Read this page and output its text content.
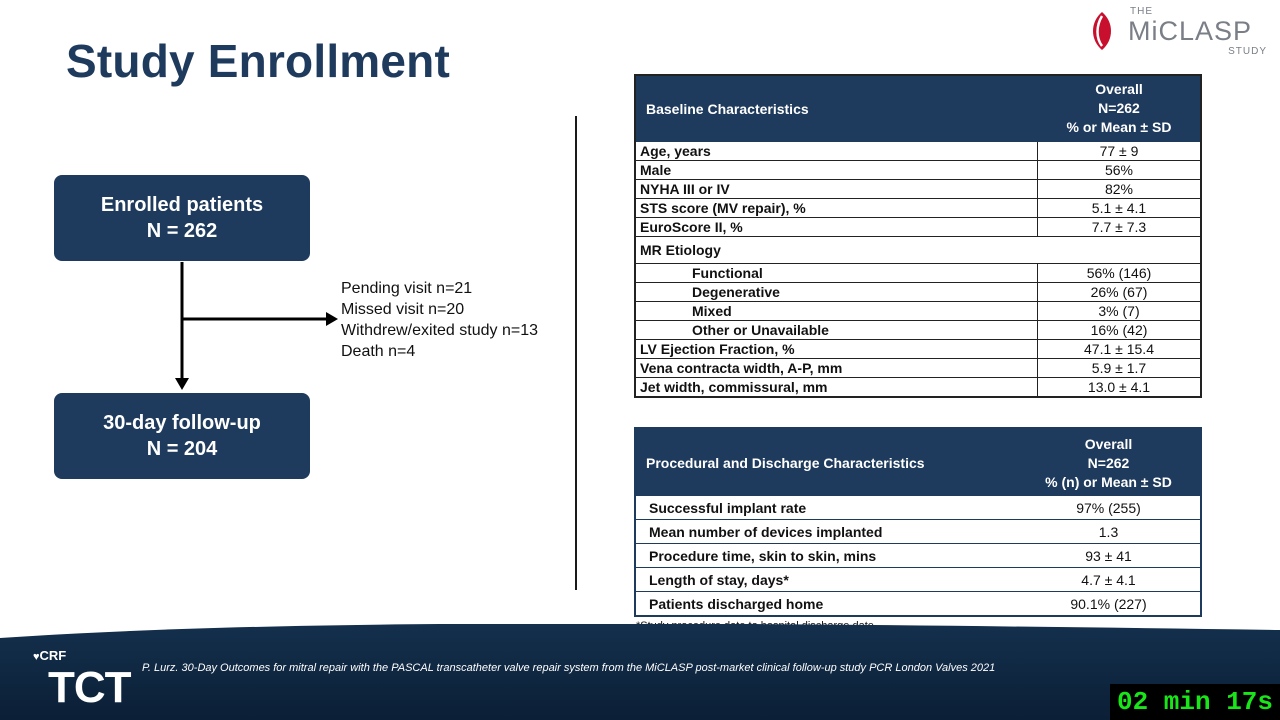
Study Enrollment
THE
MiCLASP
STUDY
Enrolled patients
N = 262
30-day follow-up
N = 204
Pending visit n=21
Missed visit n=20
Withdrew/exited study n=13
Death n=4
Baseline Characteristics	Overall
N=262
% or Mean ± SD

Age, years	77 ± 9
Male	56%
NYHA III or IV	82%
STS score (MV repair), %	5.1 ± 4.1
EuroScore II, %	7.7 ± 7.3
MR Etiology	
Functional	56% (146)
Degenerative	26% (67)
Mixed	3% (7)
Other or Unavailable	16% (42)
LV Ejection Fraction, %	47.1 ± 15.4
Vena contracta width, A-P, mm	5.9 ± 1.7
Jet width, commissural, mm	13.0 ± 4.1
Procedural and Discharge Characteristics	Overall
N=262
% (n) or Mean ± SD

Successful implant rate	97% (255)
Mean number of devices implanted	1.3
Procedure time, skin to skin, mins	93 ± 41
Length of stay, days*	4.7 ± 4.1
Patients discharged home	90.1% (227)
♥CRF
TCT P. Lurz. 30-Day Outcomes for mitral repair with the PASCAL transcatheter valve repair system from the MiCLASP post-market clinical follow-up study PCR London Valves 2021
02 min 17s
